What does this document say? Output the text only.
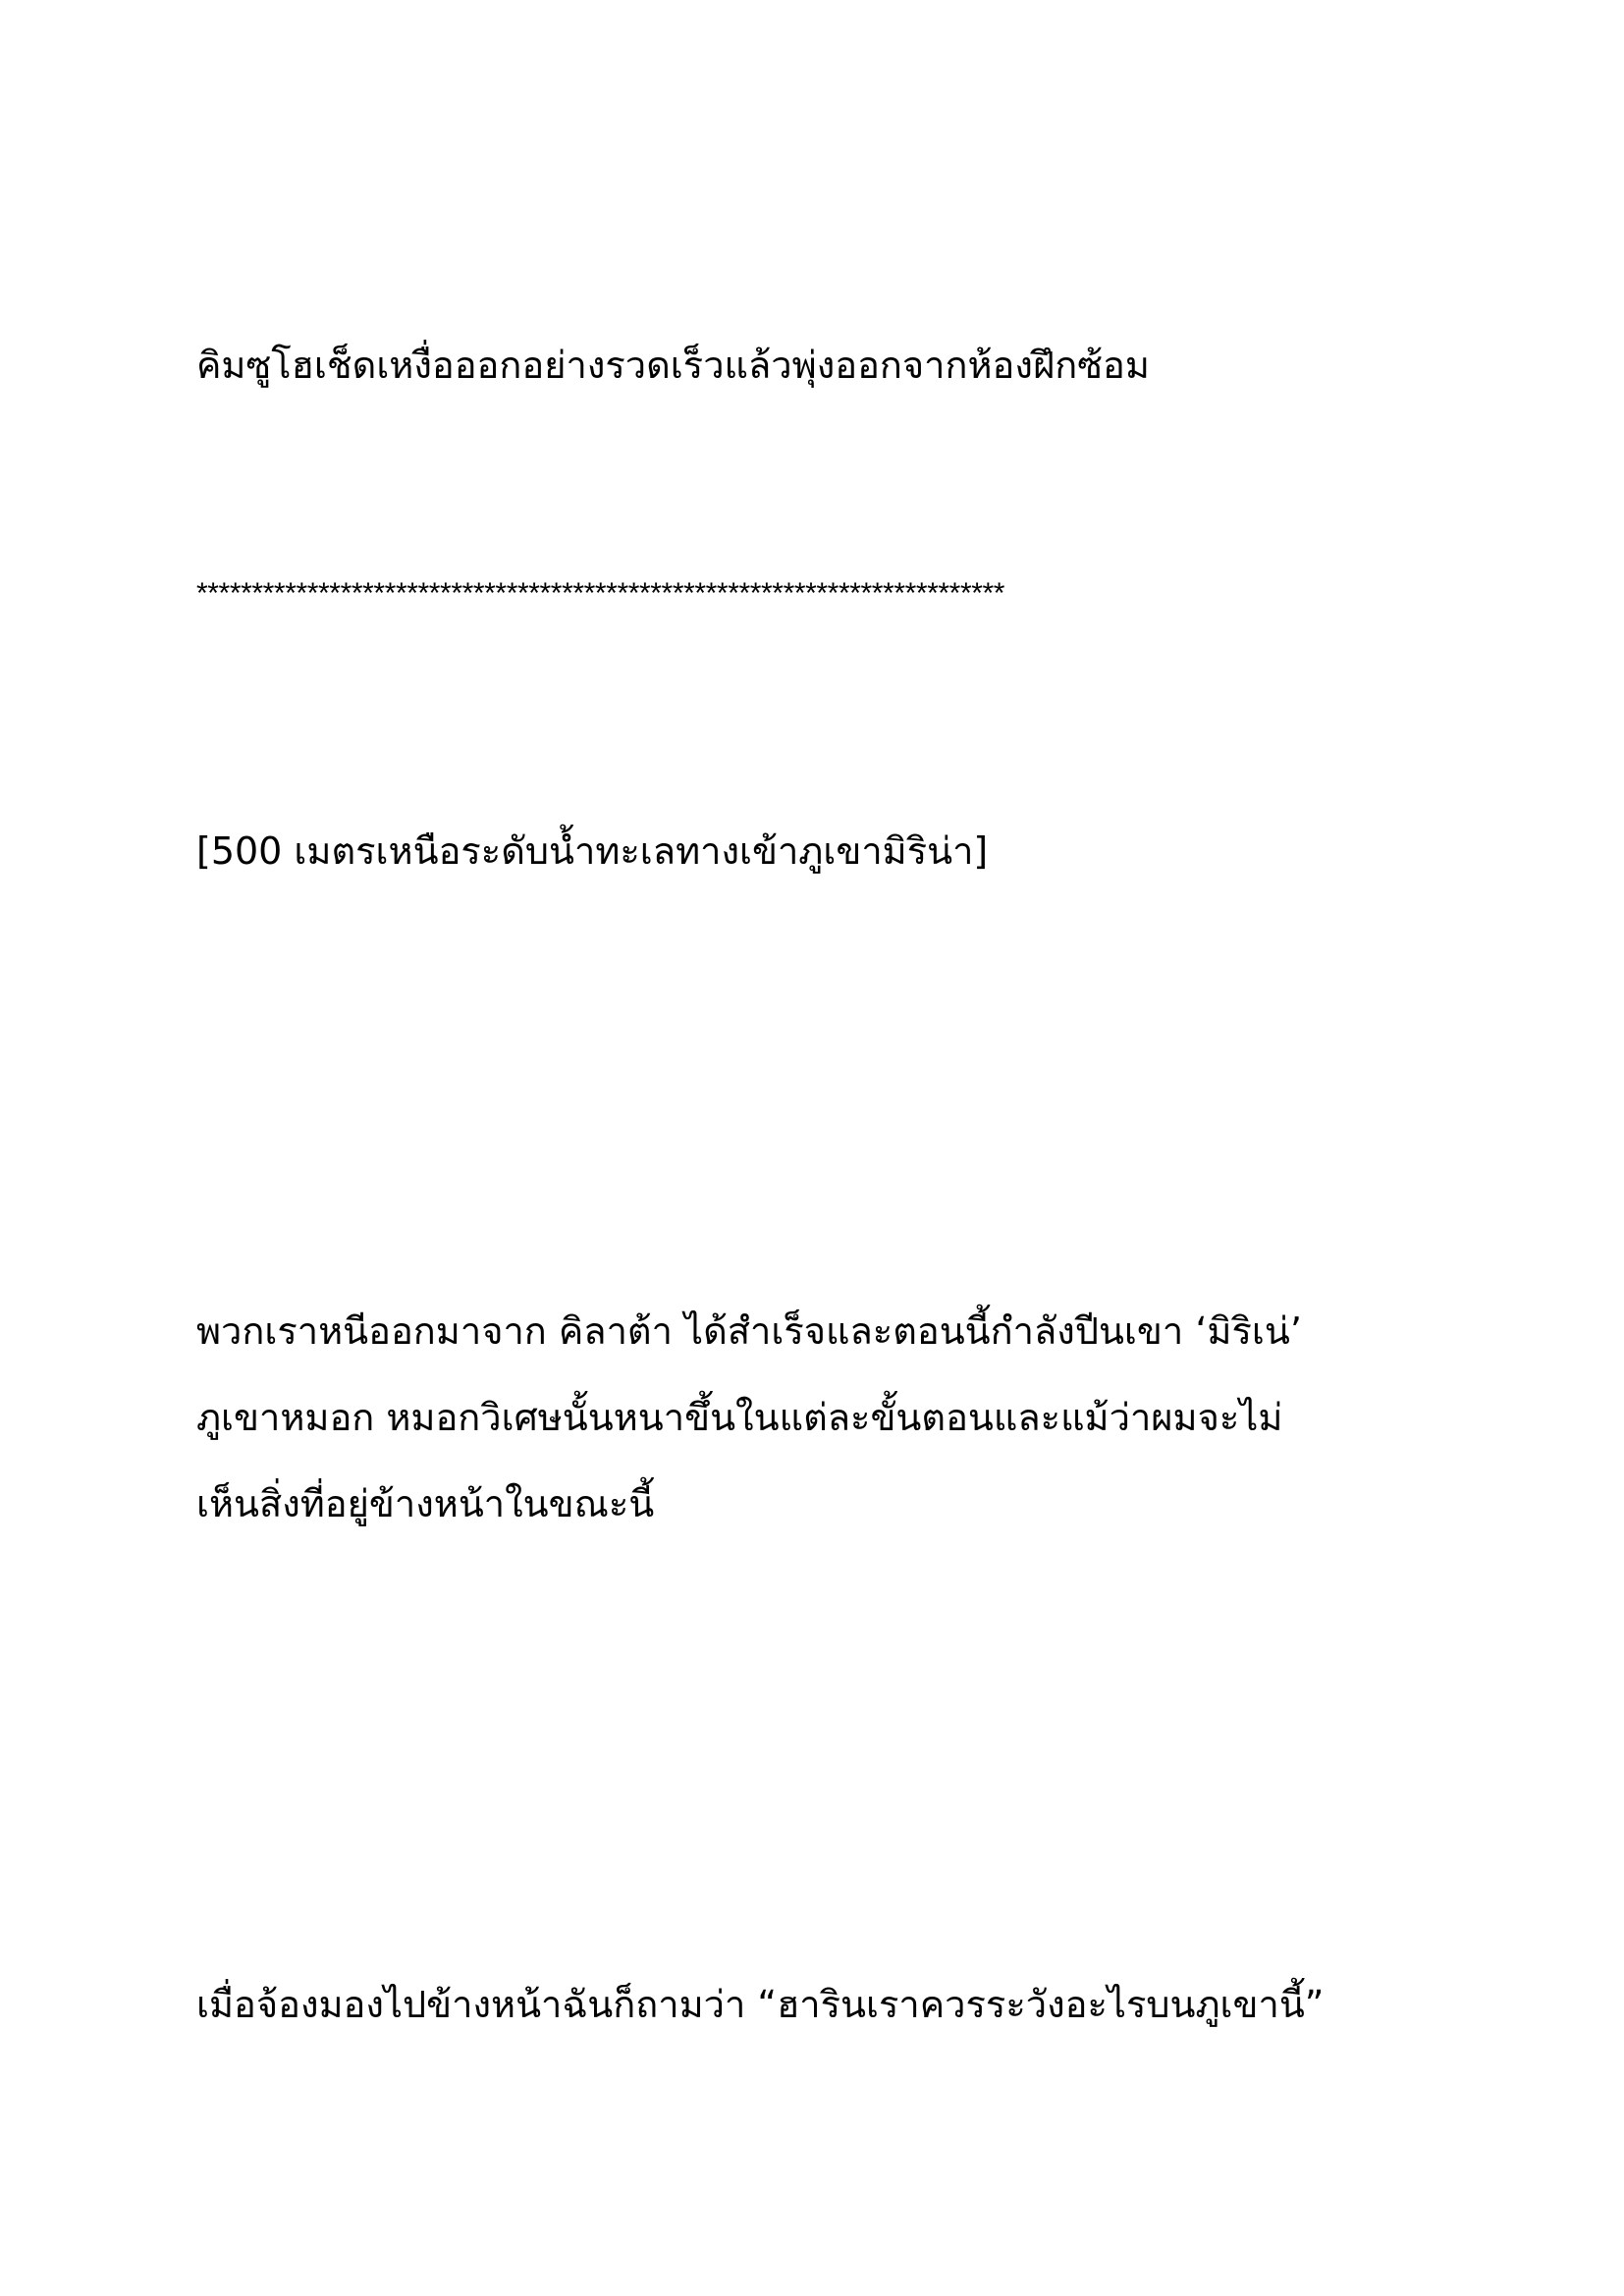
คิมซูโฮเช็ดเหงื่อออกอย่างรวดเร็วแล้วพุ่งออกจากห้องฝึกซ้อม

*************************************************************************

[500 เมตรเหนือระดับน้ำทะเลทางเข้าภูเขามิริน่า]

พวกเราหนีออกมาจาก คิลาต้า ได้สำเร็จและตอนนี้กำลังปีนเขา ‘มิริเน่’
ภูเขาหมอก หมอกวิเศษนั้นหนาขึ้นในแต่ละขั้นตอนและแม้ว่าผมจะไม่
เห็นสิ่งที่อยู่ข้างหน้าในขณะนี้

เมื่อจ้องมองไปข้างหน้าฉันก็ถามว่า “ฮารินเราควรระวังอะไรบนภูเขานี้”
